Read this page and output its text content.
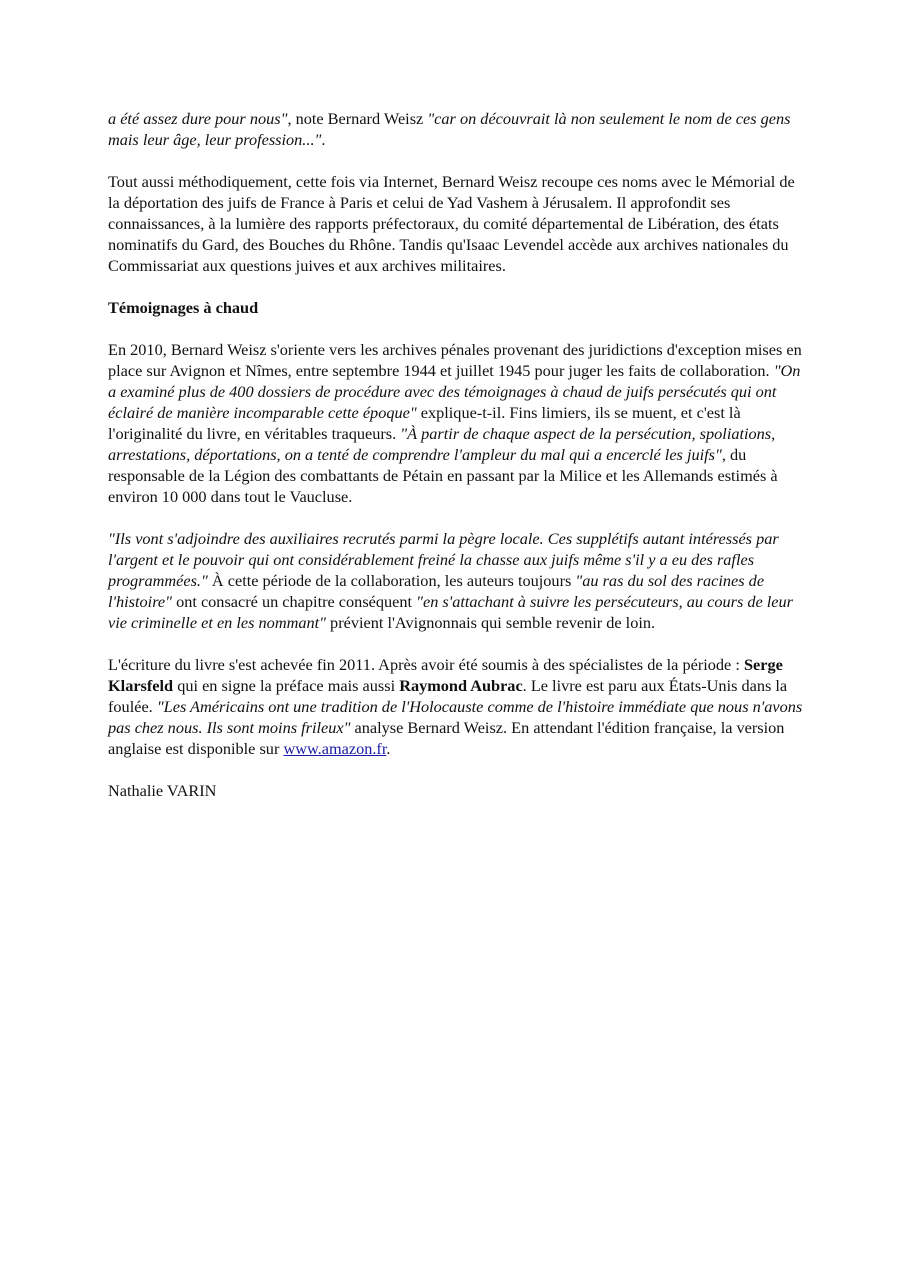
a été assez dure pour nous", note Bernard Weisz "car on découvrait là non seulement le nom de ces gens mais leur âge, leur profession...".

Tout aussi méthodiquement, cette fois via Internet, Bernard Weisz recoupe ces noms avec le Mémorial de la déportation des juifs de France à Paris et celui de Yad Vashem à Jérusalem. Il approfondit ses connaissances, à la lumière des rapports préfectoraux, du comité départemental de Libération, des états nominatifs du Gard, des Bouches du Rhône. Tandis qu'Isaac Levendel accède aux archives nationales du Commissariat aux questions juives et aux archives militaires.

Témoignages à chaud

En 2010, Bernard Weisz s'oriente vers les archives pénales provenant des juridictions d'exception mises en place sur Avignon et Nîmes, entre septembre 1944 et juillet 1945 pour juger les faits de collaboration. "On a examiné plus de 400 dossiers de procédure avec des témoignages à chaud de juifs persécutés qui ont éclairé de manière incomparable cette époque" explique-t-il. Fins limiers, ils se muent, et c'est là l'originalité du livre, en véritables traqueurs. "À partir de chaque aspect de la persécution, spoliations, arrestations, déportations, on a tenté de comprendre l'ampleur du mal qui a encerclé les juifs", du responsable de la Légion des combattants de Pétain en passant par la Milice et les Allemands estimés à environ 10 000 dans tout le Vaucluse.

"Ils vont s'adjoindre des auxiliaires recrutés parmi la pègre locale. Ces supplétifs autant intéressés par l'argent et le pouvoir qui ont considérablement freiné la chasse aux juifs même s'il y a eu des rafles programmées." À cette période de la collaboration, les auteurs toujours "au ras du sol des racines de l'histoire" ont consacré un chapitre conséquent "en s'attachant à suivre les persécuteurs, au cours de leur vie criminelle et en les nommant" prévient l'Avignonnais qui semble revenir de loin.

L'écriture du livre s'est achevée fin 2011. Après avoir été soumis à des spécialistes de la période : Serge Klarsfeld qui en signe la préface mais aussi Raymond Aubrac. Le livre est paru aux États-Unis dans la foulée. "Les Américains ont une tradition de l'Holocauste comme de l'histoire immédiate que nous n'avons pas chez nous. Ils sont moins frileux" analyse Bernard Weisz. En attendant l'édition française, la version anglaise est disponible sur www.amazon.fr.

Nathalie VARIN
